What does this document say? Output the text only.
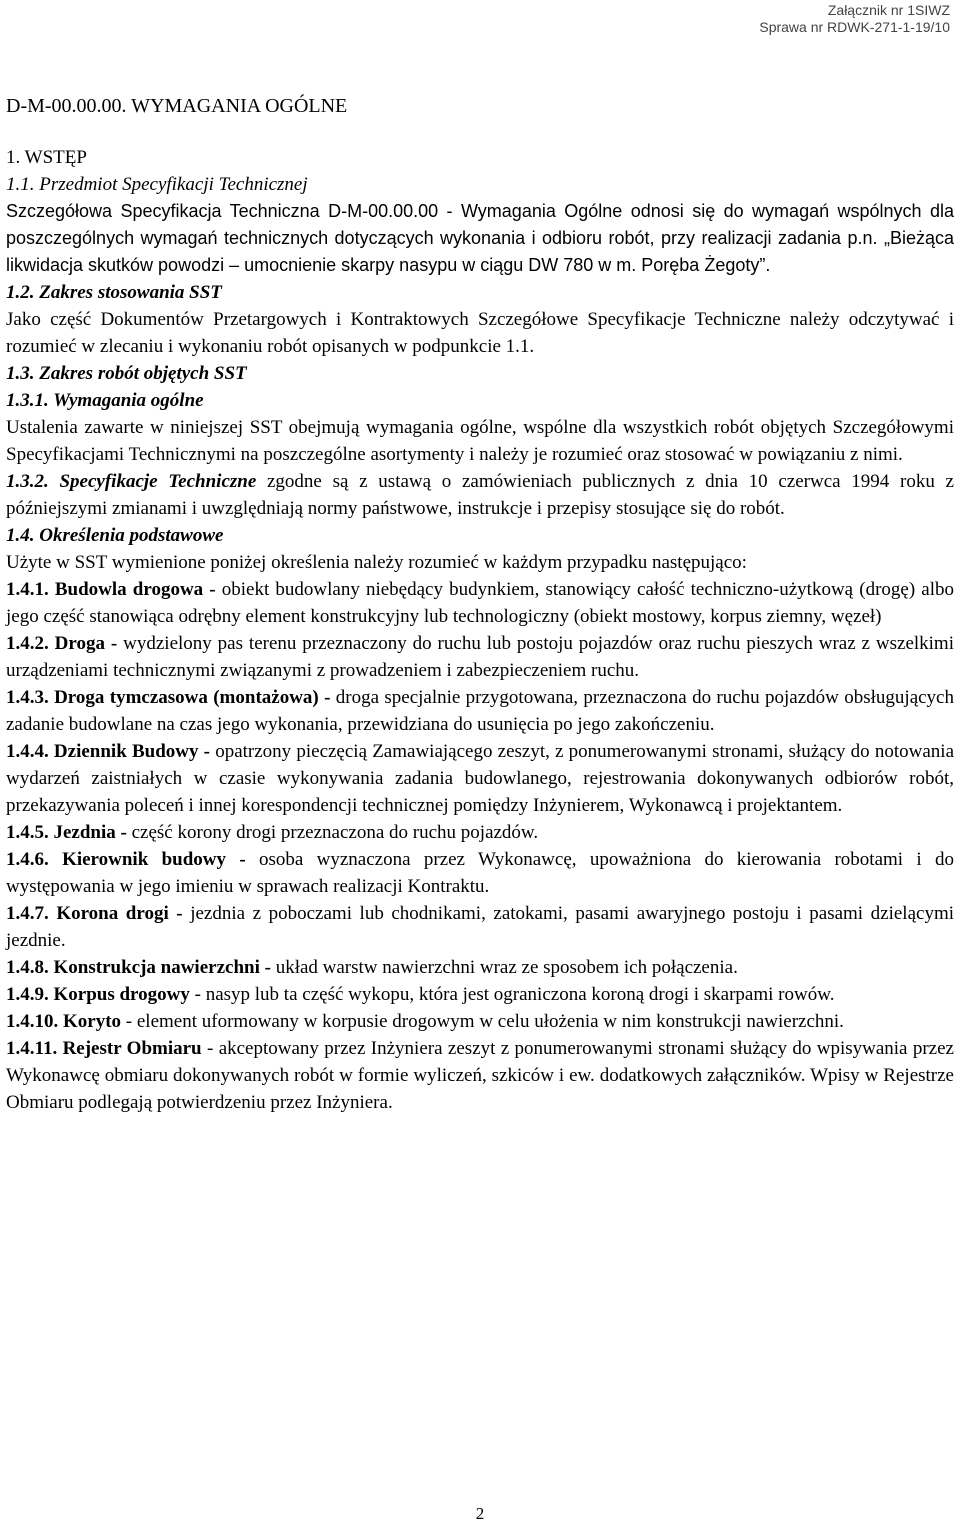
Załącznik nr 1SIWZ
Sprawa nr RDWK-271-1-19/10
D-M-00.00.00. WYMAGANIA OGÓLNE
1. WSTĘP
1.1. Przedmiot Specyfikacji Technicznej

Szczegółowa Specyfikacja Techniczna D-M-00.00.00 - Wymagania Ogólne odnosi się do wymagań wspólnych dla poszczególnych wymagań technicznych dotyczących wykonania i odbioru robót, przy realizacji zadania p.n. „Bieżąca likwidacja skutków powodzi – umocnienie skarpy nasypu w ciągu DW 780 w m. Poręba Żegoty”.

1.2. Zakres stosowania SST

Jako część Dokumentów Przetargowych i Kontraktowych Szczegółowe Specyfikacje Techniczne należy odczytywać i rozumieć w zlecaniu i wykonaniu robót opisanych w podpunkcie 1.1.

1.3. Zakres robót objętych SST
1.3.1. Wymagania ogólne

Ustalenia zawarte w niniejszej SST obejmują wymagania ogólne, wspólne dla wszystkich robót objętych Szczegółowymi Specyfikacjami Technicznymi na poszczególne asortymenty i należy je rozumieć oraz stosować w powiązaniu z nimi.

1.3.2. Specyfikacje Techniczne zgodne są z ustawą o zamówieniach publicznych z dnia 10 czerwca 1994 roku z późniejszymi zmianami i uwzględniają normy państwowe, instrukcje i przepisy stosujące się do robót.

1.4. Określenia podstawowe

Użyte w SST wymienione poniżej określenia należy rozumieć w każdym przypadku następująco:

1.4.1. Budowla drogowa - obiekt budowlany niebędący budynkiem, stanowiący całość techniczno-użytkową (drogę) albo jego część stanowiąca odrębny element konstrukcyjny lub technologiczny (obiekt mostowy, korpus ziemny, węzeł)

1.4.2. Droga - wydzielony pas terenu przeznaczony do ruchu lub postoju pojazdów oraz ruchu pieszych wraz z wszelkimi urządzeniami technicznymi związanymi z prowadzeniem i zabezpieczeniem ruchu.

1.4.3. Droga tymczasowa (montażowa) - droga specjalnie przygotowana, przeznaczona do ruchu pojazdów obsługujących zadanie budowlane na czas jego wykonania, przewidziana do usunięcia po jego zakończeniu.

1.4.4. Dziennik Budowy - opatrzony pieczęcią Zamawiającego zeszyt, z ponumerowanymi stronami, służący do notowania wydarzeń zaistniałych w czasie wykonywania zadania budowlanego, rejestrowania dokonywanych odbiorów robót, przekazywania poleceń i innej korespondencji technicznej pomiędzy Inżynierem, Wykonawcą i projektantem.

1.4.5. Jezdnia - część korony drogi przeznaczona do ruchu pojazdów.

1.4.6. Kierownik budowy - osoba wyznaczona przez Wykonawcę, upoważniona do kierowania robotami i do występowania w jego imieniu w sprawach realizacji Kontraktu.

1.4.7. Korona drogi - jezdnia z poboczami lub chodnikami, zatokami, pasami awaryjnego postoju i pasami dzielącymi jezdnie.

1.4.8. Konstrukcja nawierzchni - układ warstw nawierzchni wraz ze sposobem ich połączenia.

1.4.9. Korpus drogowy - nasyp lub ta część wykopu, która jest ograniczona koroną drogi i skarpami rowów.

1.4.10. Koryto - element uformowany w korpusie drogowym w celu ułożenia w nim konstrukcji nawierzchni.

1.4.11. Rejestr Obmiaru - akceptowany przez Inżyniera zeszyt z ponumerowanymi stronami służący do wpisywania przez Wykonawcę obmiaru dokonywanych robót w formie wyliczeń, szkiców i ew. dodatkowych załączników. Wpisy w Rejestrze Obmiaru podlegają potwierdzeniu przez Inżyniera.

2
